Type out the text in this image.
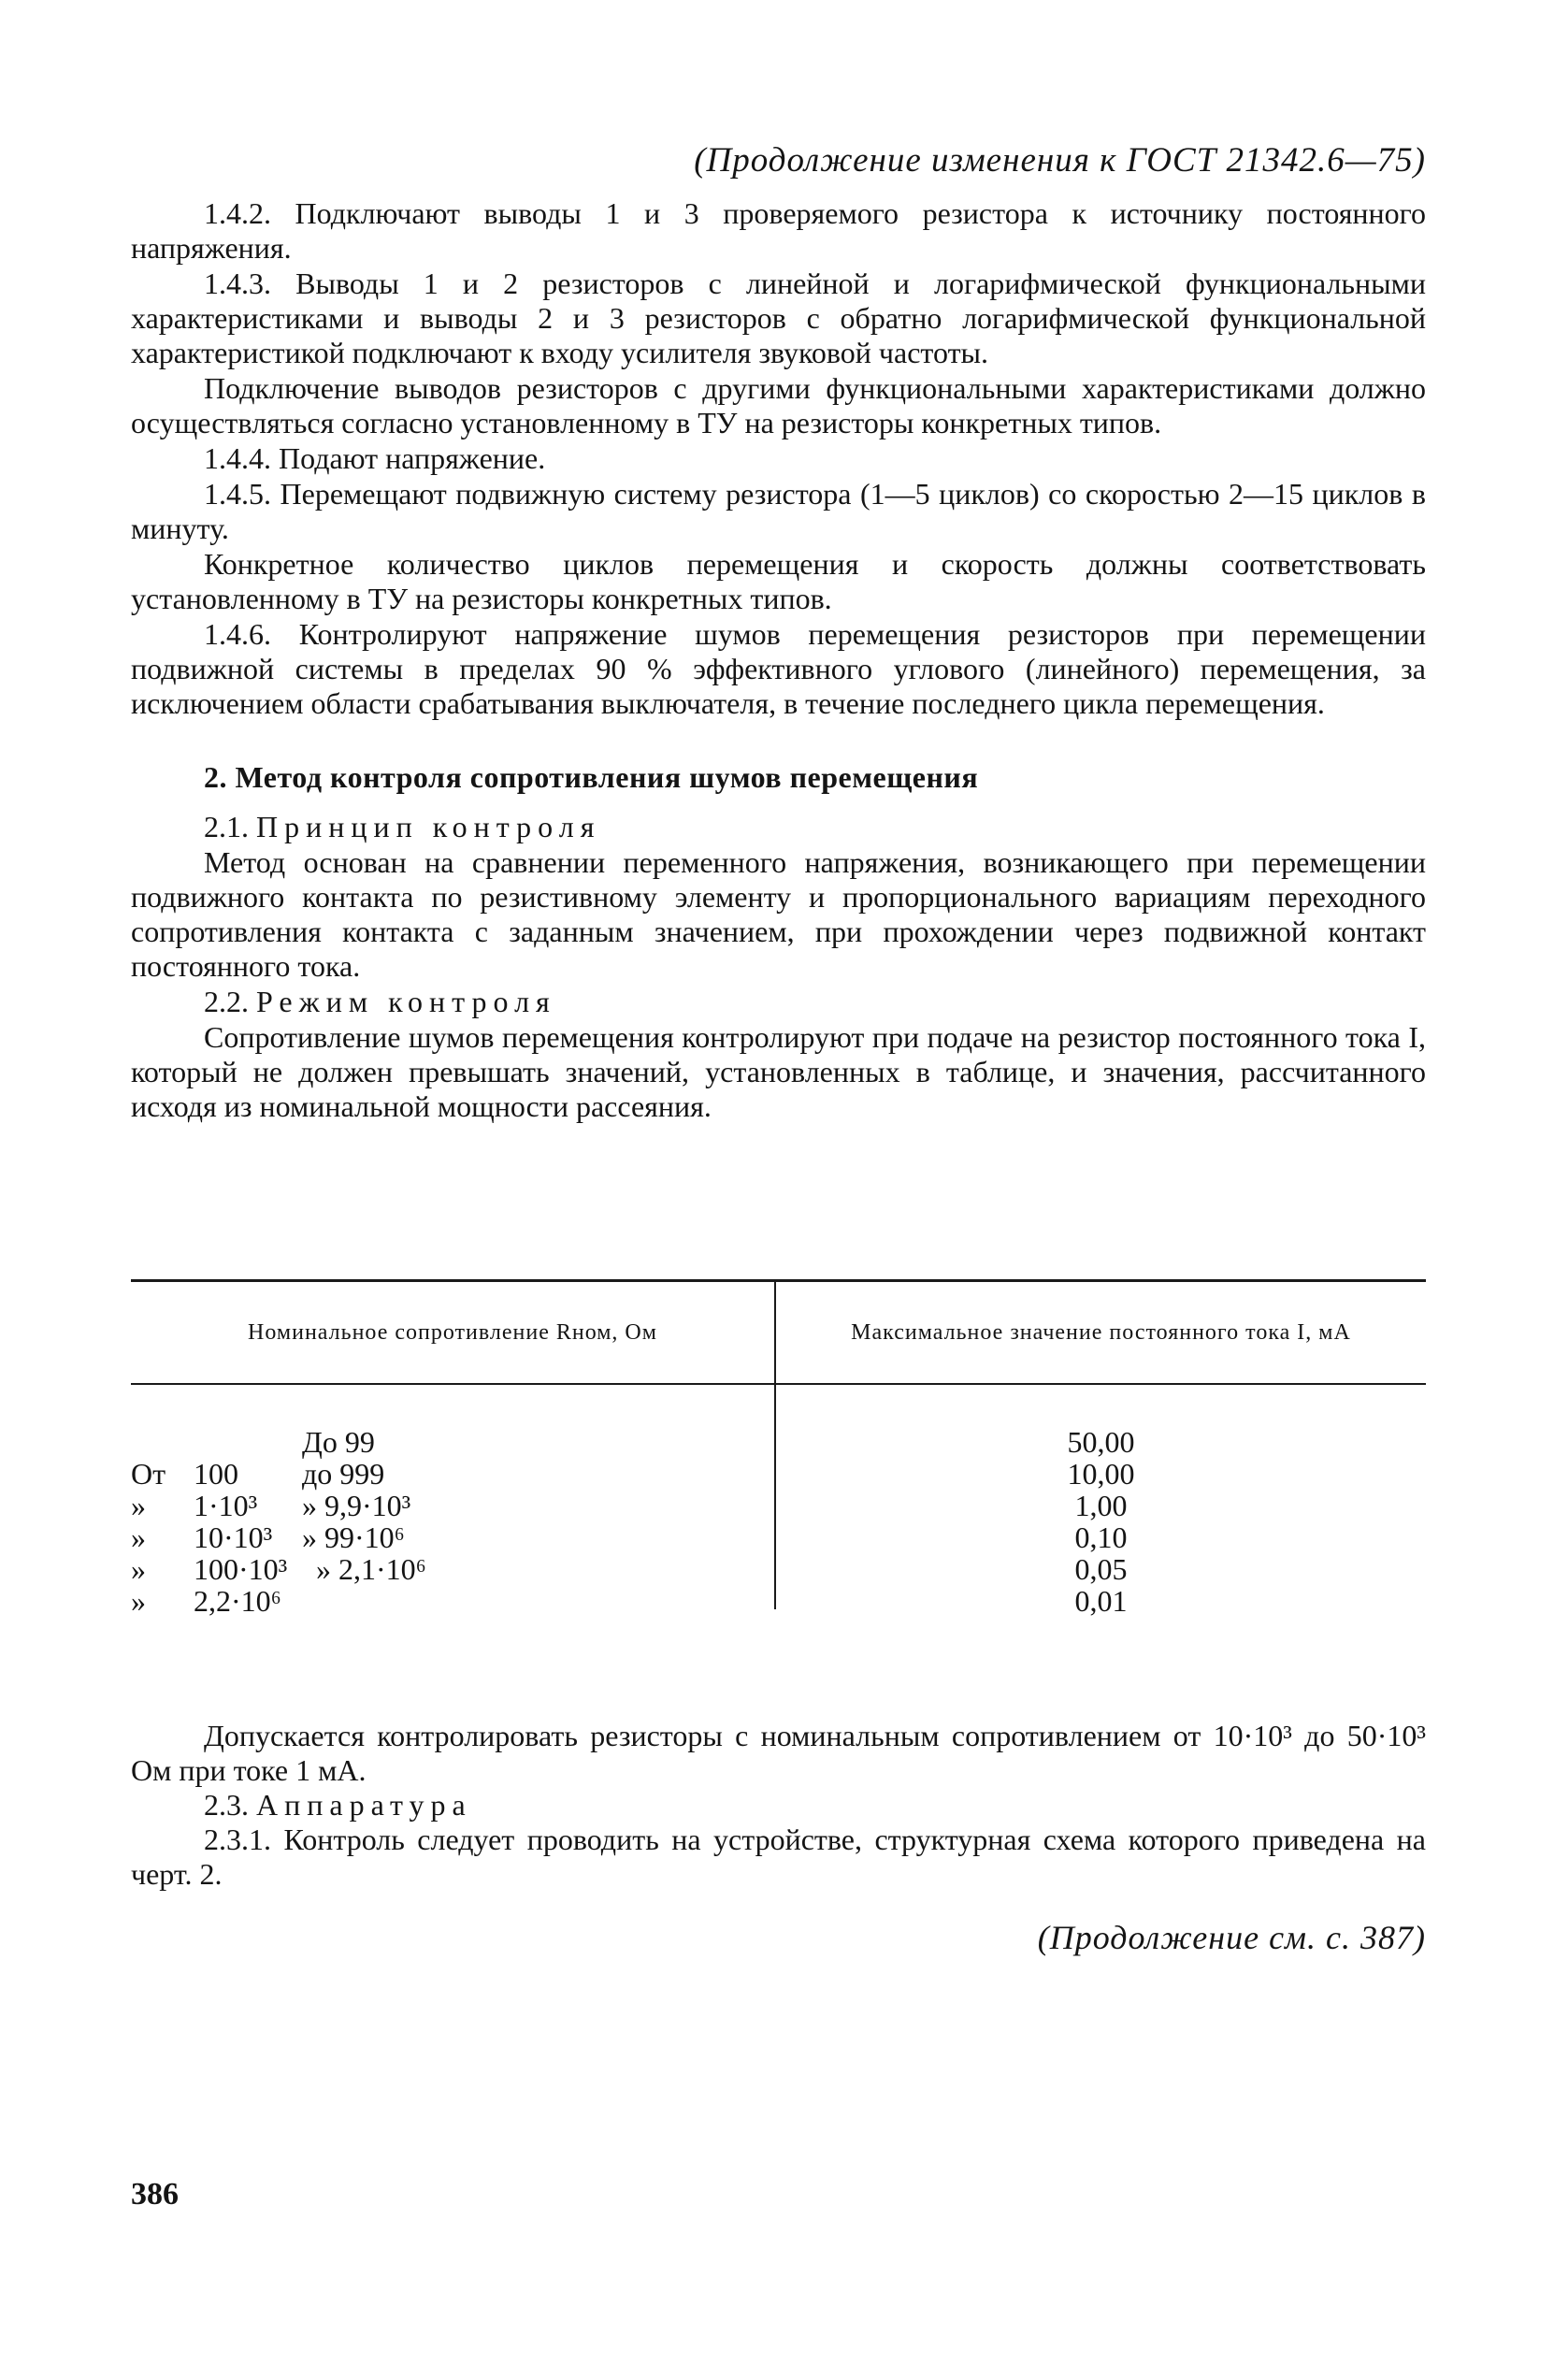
(Продолжение изменения к ГОСТ 21342.6—75)

1.4.2. Подключают выводы 1 и 3 проверяемого резистора к источнику постоянного напряжения.

1.4.3. Выводы 1 и 2 резисторов с линейной и логарифмической функциональными характеристиками и выводы 2 и 3 резисторов с обратно логарифмической функциональной характеристикой подключают к входу усилителя звуковой частоты.

Подключение выводов резисторов с другими функциональными характеристиками должно осуществляться согласно установленному в ТУ на резисторы конкретных типов.

1.4.4. Подают напряжение.

1.4.5. Перемещают подвижную систему резистора (1—5 циклов) со скоростью 2—15 циклов в минуту.

Конкретное количество циклов перемещения и скорость должны соответствовать установленному в ТУ на резисторы конкретных типов.

1.4.6. Контролируют напряжение шумов перемещения резисторов при перемещении подвижной системы в пределах 90 % эффективного углового (линейного) перемещения, за исключением области срабатывания выключателя, в течение последнего цикла перемещения.

2. Метод контроля сопротивления шумов перемещения

2.1. Принцип контроля

Метод основан на сравнении переменного напряжения, возникающего при перемещении подвижного контакта по резистивному элементу и пропорционального вариациям переходного сопротивления контакта с заданным значением, при прохождении через подвижной контакт постоянного тока.

2.2. Режим контроля

Сопротивление шумов перемещения контролируют при подаче на резистор постоянного тока I, который не должен превышать значений, установленных в таблице, и значения, рассчитанного исходя из номинальной мощности рассеяния.

Номинальное сопротивление Rном, Ом	Максимальное значение постоянного тока I, мА
До 99
От 100 до 999
» 1·10³ » 9,9·10³
» 10·10³ » 99·10⁶
» 100·10³ » 2,1·10⁶
» 2,2·10⁶
50,00
10,00
1,00
0,10
0,05
0,01

Допускается контролировать резисторы с номинальным сопротивлением от 10·10³ до 50·10³ Ом при токе 1 мА.

2.3. Аппаратура

2.3.1. Контроль следует проводить на устройстве, структурная схема которого приведена на черт. 2.

(Продолжение см. с. 387)
386
